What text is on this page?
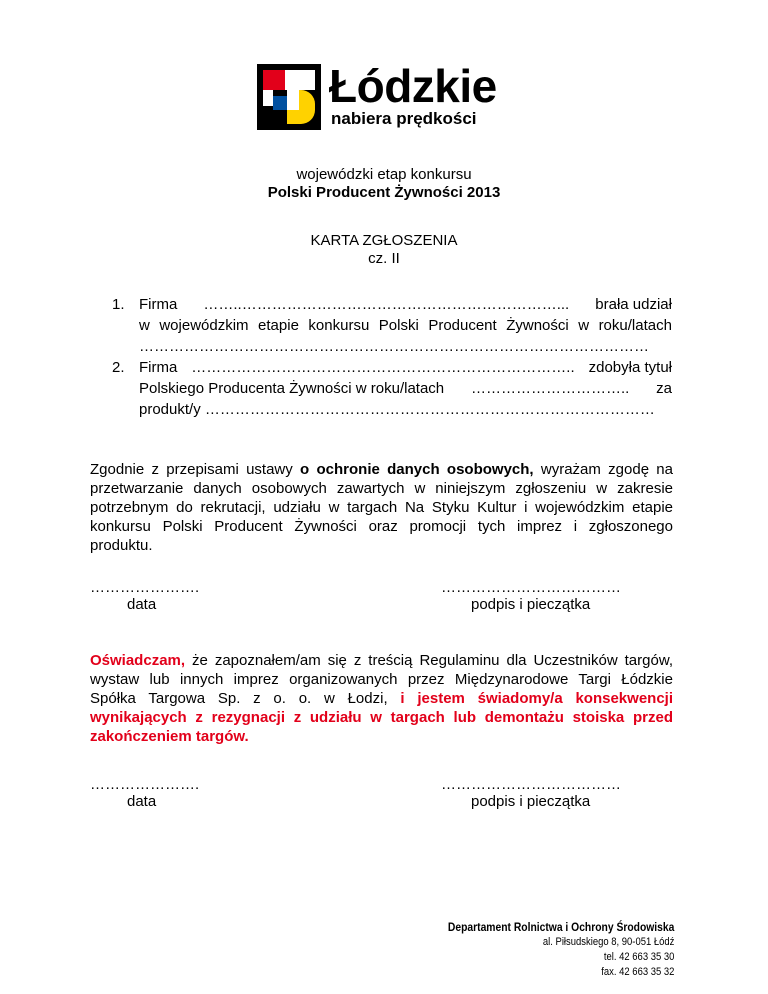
Łódzkie
nabiera prędkości
wojewódzki etap konkursu
Polski Producent Żywności 2013
KARTA ZGŁOSZENIA
cz. II
1. Firma ……..………………………………………………………... brała udział
w wojewódzkim etapie konkursu Polski Producent Żywności w roku/latach
…………………………………………………………………………………………
2. Firma ………………………………………………………………….. zdobyła tytuł
Polskiego Producenta Żywności w roku/latach ………………………….. za
produkt/y ………………………………………………………………………………
Zgodnie z przepisami ustawy o ochronie danych osobowych, wyrażam zgodę na przetwarzanie danych osobowych zawartych w niniejszym zgłoszeniu w zakresie potrzebnym do rekrutacji, udziału w targach Na Styku Kultur i wojewódzkim etapie konkursu Polski Producent Żywności oraz promocji tych imprez i zgłoszonego
produktu.
………………….
data
………………………………
podpis i pieczątka
Oświadczam, że zapoznałem/am się z treścią Regulaminu dla Uczestników targów, wystaw lub innych imprez organizowanych przez Międzynarodowe Targi Łódzkie Spółka Targowa Sp. z o. o. w Łodzi, i jestem świadomy/a konsekwencji wynikających z rezygnacji z udziału w targach lub demontażu stoiska przed
zakończeniem targów.
………………….
data
………………………………
podpis i pieczątka
Departament Rolnictwa i Ochrony Środowiska
al. Piłsudskiego 8, 90-051 Łódź
tel. 42 663 35 30
fax. 42 663 35 32
